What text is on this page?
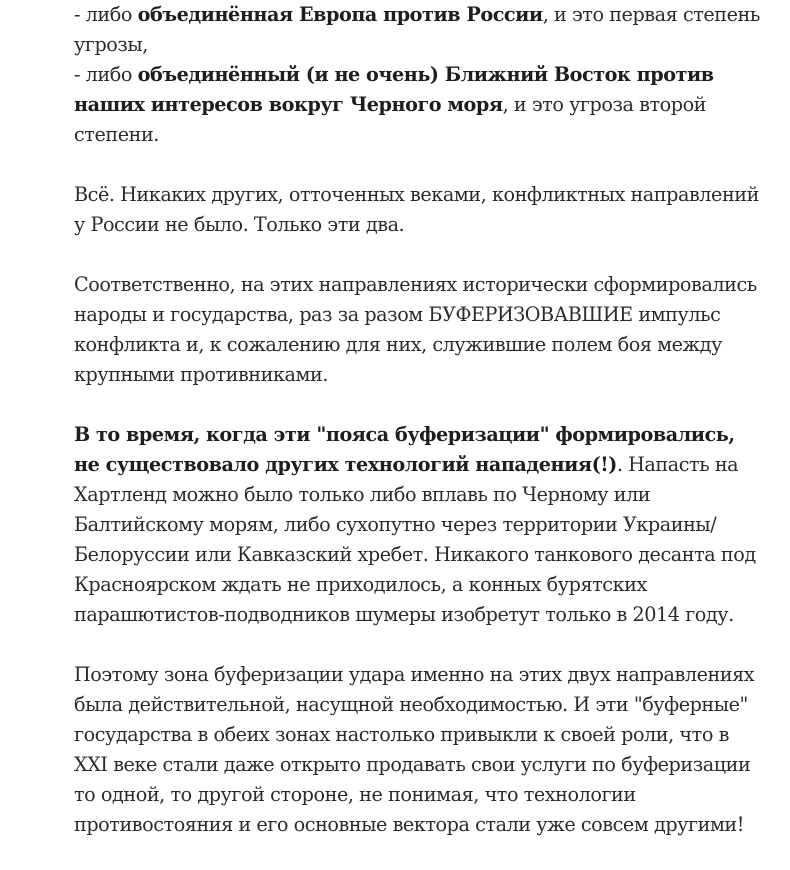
- либо объединённая Европа против России, и это первая степень угрозы,

- либо объединённый (и не очень) Ближний Восток против наших интересов вокруг Черного моря, и это угроза второй степени.

Всё. Никаких других, отточенных веками, конфликтных направлений у России не было. Только эти два.

Соответственно, на этих направлениях исторически сформировались народы и государства, раз за разом БУФЕРИЗОВАВШИЕ импульс конфликта и, к сожалению для них, служившие полем боя между крупными противниками.

В то время, когда эти "пояса буферизации" формировались, не существовало других технологий нападения(!). Напасть на Хартленд можно было только либо вплавь по Черному или Балтийскому морям, либо сухопутно через территории Украины/ Белоруссии или Кавказский хребет. Никакого танкового десанта под Красноярском ждать не приходилось, а конных бурятских парашютистов-подводников шумеры изобретут только в 2014 году.

Поэтому зона буферизации удара именно на этих двух направлениях была действительной, насущной необходимостью. И эти "буферные" государства в обеих зонах настолько привыкли к своей роли, что в XXI веке стали даже открыто продавать свои услуги по буферизации то одной, то другой стороне, не понимая, что технологии противостояния и его основные вектора стали уже совсем другими!
